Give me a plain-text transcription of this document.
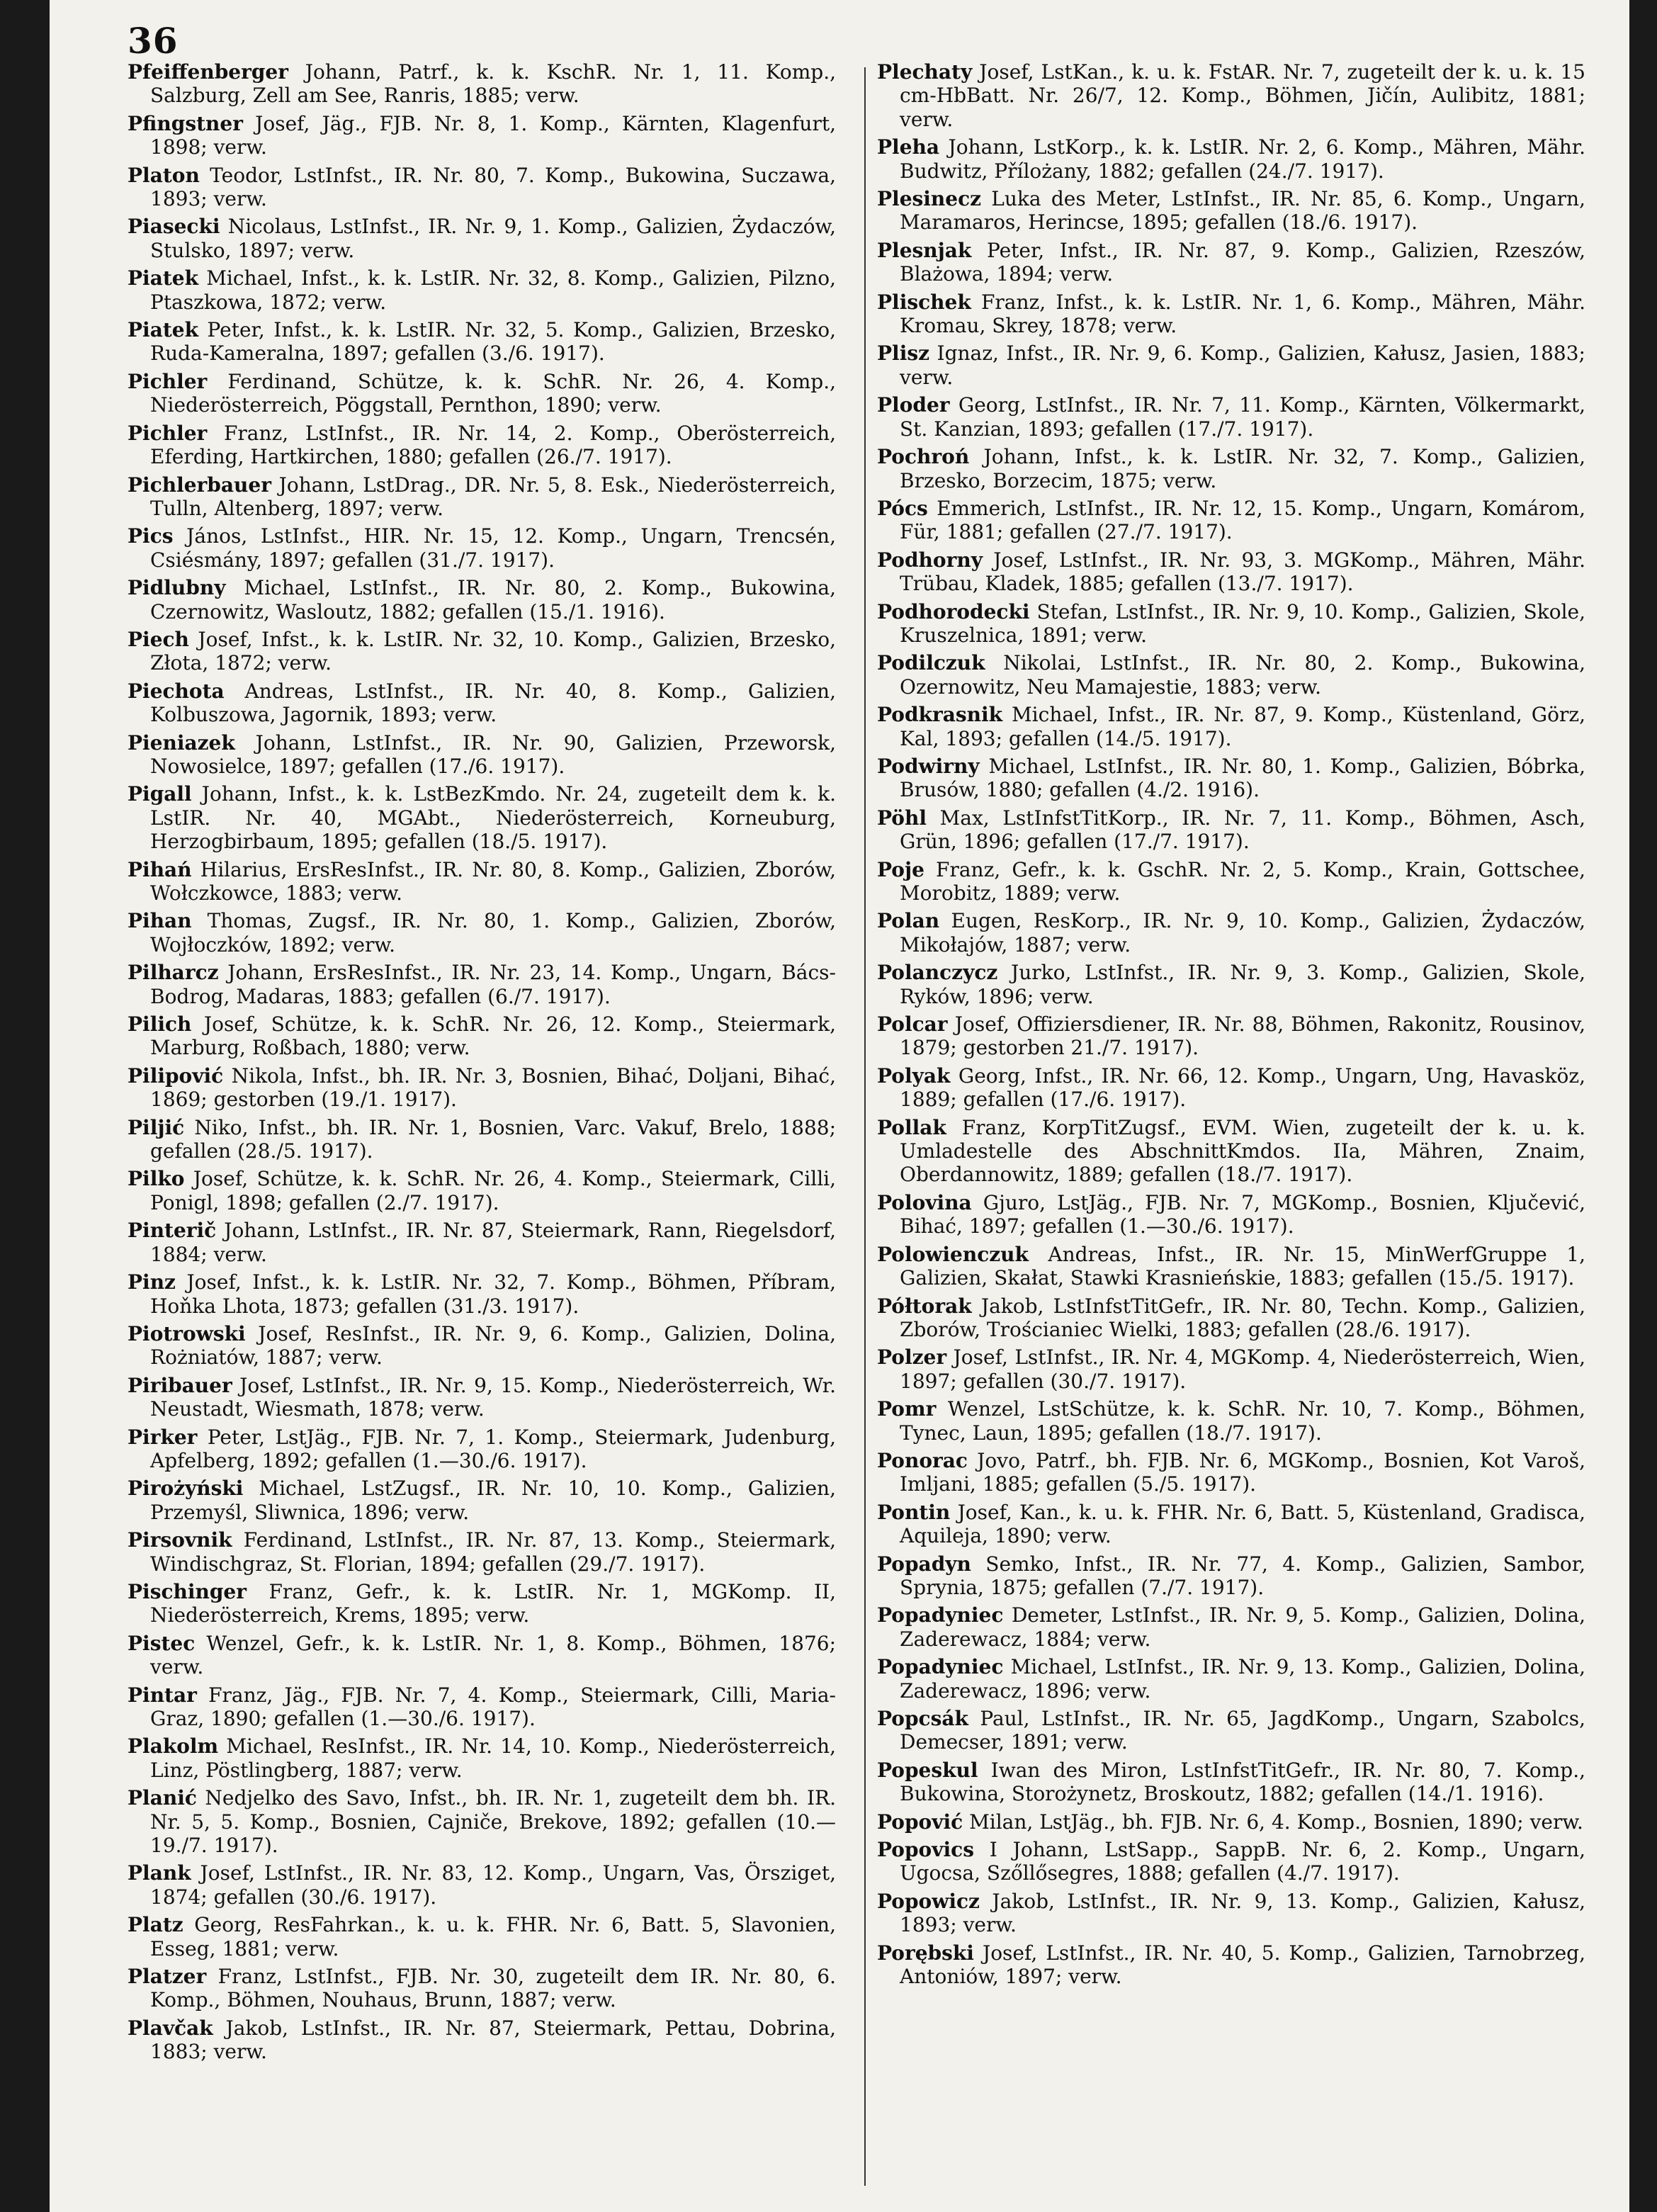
36

Pfeiffenberger Johann, Patrf., k. k. KschR. Nr. 1, 11. Komp., Salzburg, Zell am See, Ranris, 1885; verw.

Pfingstner Josef, Jäg., FJB. Nr. 8, 1. Komp., Kärnten, Klagenfurt, 1898; verw.

Platon Teodor, LstInfst., IR. Nr. 80, 7. Komp., Bukowina, Suczawa, 1893; verw.

Piasecki Nicolaus, LstInfst., IR. Nr. 9, 1. Komp., Galizien, Żydaczów, Stulsko, 1897; verw.

Piatek Michael, Infst., k. k. LstIR. Nr. 32, 8. Komp., Galizien, Pilzno, Ptaszkowa, 1872; verw.

Piatek Peter, Infst., k. k. LstIR. Nr. 32, 5. Komp., Galizien, Brzesko, Ruda-Kameralna, 1897; gefallen (3./6. 1917).

Pichler Ferdinand, Schütze, k. k. SchR. Nr. 26, 4. Komp., Niederösterreich, Pöggstall, Pernthon, 1890; verw.

Pichler Franz, LstInfst., IR. Nr. 14, 2. Komp., Oberösterreich, Eferding, Hartkirchen, 1880; gefallen (26./7. 1917).

Pichlerbauer Johann, LstDrag., DR. Nr. 5, 8. Esk., Niederösterreich, Tulln, Altenberg, 1897; verw.

Pics János, LstInfst., HIR. Nr. 15, 12. Komp., Ungarn, Trencsén, Csiésmány, 1897; gefallen (31./7. 1917).

Pidlubny Michael, LstInfst., IR. Nr. 80, 2. Komp., Bukowina, Czernowitz, Wasloutz, 1882; gefallen (15./1. 1916).

Piech Josef, Infst., k. k. LstIR. Nr. 32, 10. Komp., Galizien, Brzesko, Złota, 1872; verw.

Piechota Andreas, LstInfst., IR. Nr. 40, 8. Komp., Galizien, Kolbuszowa, Jagornik, 1893; verw.

Pieniazek Johann, LstInfst., IR. Nr. 90, Galizien, Przeworsk, Nowosielce, 1897; gefallen (17./6. 1917).

Pigall Johann, Infst., k. k. LstBezKmdo. Nr. 24, zugeteilt dem k. k. LstIR. Nr. 40, MGAbt., Niederösterreich, Korneuburg, Herzogbirbaum, 1895; gefallen (18./5. 1917).

Pihań Hilarius, ErsResInfst., IR. Nr. 80, 8. Komp., Galizien, Zborów, Wołczkowce, 1883; verw.

Pihan Thomas, Zugsf., IR. Nr. 80, 1. Komp., Galizien, Zborów, Wojłoczków, 1892; verw.

Pilharcz Johann, ErsResInfst., IR. Nr. 23, 14. Komp., Ungarn, Bács-Bodrog, Madaras, 1883; gefallen (6./7. 1917).

Pilich Josef, Schütze, k. k. SchR. Nr. 26, 12. Komp., Steiermark, Marburg, Roßbach, 1880; verw.

Pilipović Nikola, Infst., bh. IR. Nr. 3, Bosnien, Bihać, Doljani, Bihać, 1869; gestorben (19./1. 1917).

Piljić Niko, Infst., bh. IR. Nr. 1, Bosnien, Varc. Vakuf, Brelo, 1888; gefallen (28./5. 1917).

Pilko Josef, Schütze, k. k. SchR. Nr. 26, 4. Komp., Steiermark, Cilli, Ponigl, 1898; gefallen (2./7. 1917).

Pinterič Johann, LstInfst., IR. Nr. 87, Steiermark, Rann, Riegelsdorf, 1884; verw.

Pinz Josef, Infst., k. k. LstIR. Nr. 32, 7. Komp., Böhmen, Příbram, Hoňka Lhota, 1873; gefallen (31./3. 1917).

Piotrowski Josef, ResInfst., IR. Nr. 9, 6. Komp., Galizien, Dolina, Rożniatów, 1887; verw.

Piribauer Josef, LstInfst., IR. Nr. 9, 15. Komp., Niederösterreich, Wr. Neustadt, Wiesmath, 1878; verw.

Pirker Peter, LstJäg., FJB. Nr. 7, 1. Komp., Steiermark, Judenburg, Apfelberg, 1892; gefallen (1.—30./6. 1917).

Pirożyński Michael, LstZugsf., IR. Nr. 10, 10. Komp., Galizien, Przemyśl, Sliwnica, 1896; verw.

Pirsovnik Ferdinand, LstInfst., IR. Nr. 87, 13. Komp., Steiermark, Windischgraz, St. Florian, 1894; gefallen (29./7. 1917).

Pischinger Franz, Gefr., k. k. LstIR. Nr. 1, MGKomp. II, Niederösterreich, Krems, 1895; verw.

Pistec Wenzel, Gefr., k. k. LstIR. Nr. 1, 8. Komp., Böhmen, 1876; verw.

Pintar Franz, Jäg., FJB. Nr. 7, 4. Komp., Steiermark, Cilli, Maria-Graz, 1890; gefallen (1.—30./6. 1917).

Plakolm Michael, ResInfst., IR. Nr. 14, 10. Komp., Niederösterreich, Linz, Pöstlingberg, 1887; verw.

Planić Nedjelko des Savo, Infst., bh. IR. Nr. 1, zugeteilt dem bh. IR. Nr. 5, 5. Komp., Bosnien, Cajniče, Brekove, 1892; gefallen (10.—19./7. 1917).

Plank Josef, LstInfst., IR. Nr. 83, 12. Komp., Ungarn, Vas, Örsziget, 1874; gefallen (30./6. 1917).

Platz Georg, ResFahrkan., k. u. k. FHR. Nr. 6, Batt. 5, Slavonien, Esseg, 1881; verw.

Platzer Franz, LstInfst., FJB. Nr. 30, zugeteilt dem IR. Nr. 80, 6. Komp., Böhmen, Nouhaus, Brunn, 1887; verw.

Plavčak Jakob, LstInfst., IR. Nr. 87, Steiermark, Pettau, Dobrina, 1883; verw.

Plechaty Josef, LstKan., k. u. k. FstAR. Nr. 7, zugeteilt der k. u. k. 15 cm-HbBatt. Nr. 26/7, 12. Komp., Böhmen, Jičín, Aulibitz, 1881; verw.

Pleha Johann, LstKorp., k. k. LstIR. Nr. 2, 6. Komp., Mähren, Mähr. Budwitz, Přílożany, 1882; gefallen (24./7. 1917).

Plesinecz Luka des Meter, LstInfst., IR. Nr. 85, 6. Komp., Ungarn, Maramaros, Herincse, 1895; gefallen (18./6. 1917).

Plesnjak Peter, Infst., IR. Nr. 87, 9. Komp., Galizien, Rzeszów, Blażowa, 1894; verw.

Plischek Franz, Infst., k. k. LstIR. Nr. 1, 6. Komp., Mähren, Mähr. Kromau, Skrey, 1878; verw.

Plisz Ignaz, Infst., IR. Nr. 9, 6. Komp., Galizien, Kałusz, Jasien, 1883; verw.

Ploder Georg, LstInfst., IR. Nr. 7, 11. Komp., Kärnten, Völkermarkt, St. Kanzian, 1893; gefallen (17./7. 1917).

Pochroń Johann, Infst., k. k. LstIR. Nr. 32, 7. Komp., Galizien, Brzesko, Borzecim, 1875; verw.

Pócs Emmerich, LstInfst., IR. Nr. 12, 15. Komp., Ungarn, Komárom, Für, 1881; gefallen (27./7. 1917).

Podhorny Josef, LstInfst., IR. Nr. 93, 3. MGKomp., Mähren, Mähr. Trübau, Kladek, 1885; gefallen (13./7. 1917).

Podhorodecki Stefan, LstInfst., IR. Nr. 9, 10. Komp., Galizien, Skole, Kruszelnica, 1891; verw.

Podilczuk Nikolai, LstInfst., IR. Nr. 80, 2. Komp., Bukowina, Ozernowitz, Neu Mamajestie, 1883; verw.

Podkrasnik Michael, Infst., IR. Nr. 87, 9. Komp., Küstenland, Görz, Kal, 1893; gefallen (14./5. 1917).

Podwirny Michael, LstInfst., IR. Nr. 80, 1. Komp., Galizien, Bóbrka, Brusów, 1880; gefallen (4./2. 1916).

Pöhl Max, LstInfstTitKorp., IR. Nr. 7, 11. Komp., Böhmen, Asch, Grün, 1896; gefallen (17./7. 1917).

Poje Franz, Gefr., k. k. GschR. Nr. 2, 5. Komp., Krain, Gottschee, Morobitz, 1889; verw.

Polan Eugen, ResKorp., IR. Nr. 9, 10. Komp., Galizien, Żydaczów, Mikołajów, 1887; verw.

Polanczycz Jurko, LstInfst., IR. Nr. 9, 3. Komp., Galizien, Skole, Ryków, 1896; verw.

Polcar Josef, Offiziersdiener, IR. Nr. 88, Böhmen, Rakonitz, Rousinov, 1879; gestorben 21./7. 1917).

Polyak Georg, Infst., IR. Nr. 66, 12. Komp., Ungarn, Ung, Havasköz, 1889; gefallen (17./6. 1917).

Pollak Franz, KorpTitZugsf., EVM. Wien, zugeteilt der k. u. k. Umladestelle des AbschnittKmdos. IIa, Mähren, Znaim, Oberdannowitz, 1889; gefallen (18./7. 1917).

Polovina Gjuro, LstJäg., FJB. Nr. 7, MGKomp., Bosnien, Ključević, Bihać, 1897; gefallen (1.—30./6. 1917).

Polowienczuk Andreas, Infst., IR. Nr. 15, MinWerfGruppe 1, Galizien, Skałat, Stawki Krasnieńskie, 1883; gefallen (15./5. 1917).

Półtorak Jakob, LstInfstTitGefr., IR. Nr. 80, Techn. Komp., Galizien, Zborów, Trościaniec Wielki, 1883; gefallen (28./6. 1917).

Polzer Josef, LstInfst., IR. Nr. 4, MGKomp. 4, Niederösterreich, Wien, 1897; gefallen (30./7. 1917).

Pomr Wenzel, LstSchütze, k. k. SchR. Nr. 10, 7. Komp., Böhmen, Tynec, Laun, 1895; gefallen (18./7. 1917).

Ponorac Jovo, Patrf., bh. FJB. Nr. 6, MGKomp., Bosnien, Kot Varoš, Imljani, 1885; gefallen (5./5. 1917).

Pontin Josef, Kan., k. u. k. FHR. Nr. 6, Batt. 5, Küstenland, Gradisca, Aquileja, 1890; verw.

Popadyn Semko, Infst., IR. Nr. 77, 4. Komp., Galizien, Sambor, Sprynia, 1875; gefallen (7./7. 1917).

Popadyniec Demeter, LstInfst., IR. Nr. 9, 5. Komp., Galizien, Dolina, Zaderewacz, 1884; verw.

Popadyniec Michael, LstInfst., IR. Nr. 9, 13. Komp., Galizien, Dolina, Zaderewacz, 1896; verw.

Popcsák Paul, LstInfst., IR. Nr. 65, JagdKomp., Ungarn, Szabolcs, Demecser, 1891; verw.

Popeskul Iwan des Miron, LstInfstTitGefr., IR. Nr. 80, 7. Komp., Bukowina, Storożynetz, Broskoutz, 1882; gefallen (14./1. 1916).

Popović Milan, LstJäg., bh. FJB. Nr. 6, 4. Komp., Bosnien, 1890; verw.

Popovics I Johann, LstSapp., SappB. Nr. 6, 2. Komp., Ungarn, Ugocsa, Szőllősegres, 1888; gefallen (4./7. 1917).

Popowicz Jakob, LstInfst., IR. Nr. 9, 13. Komp., Galizien, Kałusz, 1893; verw.

Porębski Josef, LstInfst., IR. Nr. 40, 5. Komp., Galizien, Tarnobrzeg, Antoniów, 1897; verw.
